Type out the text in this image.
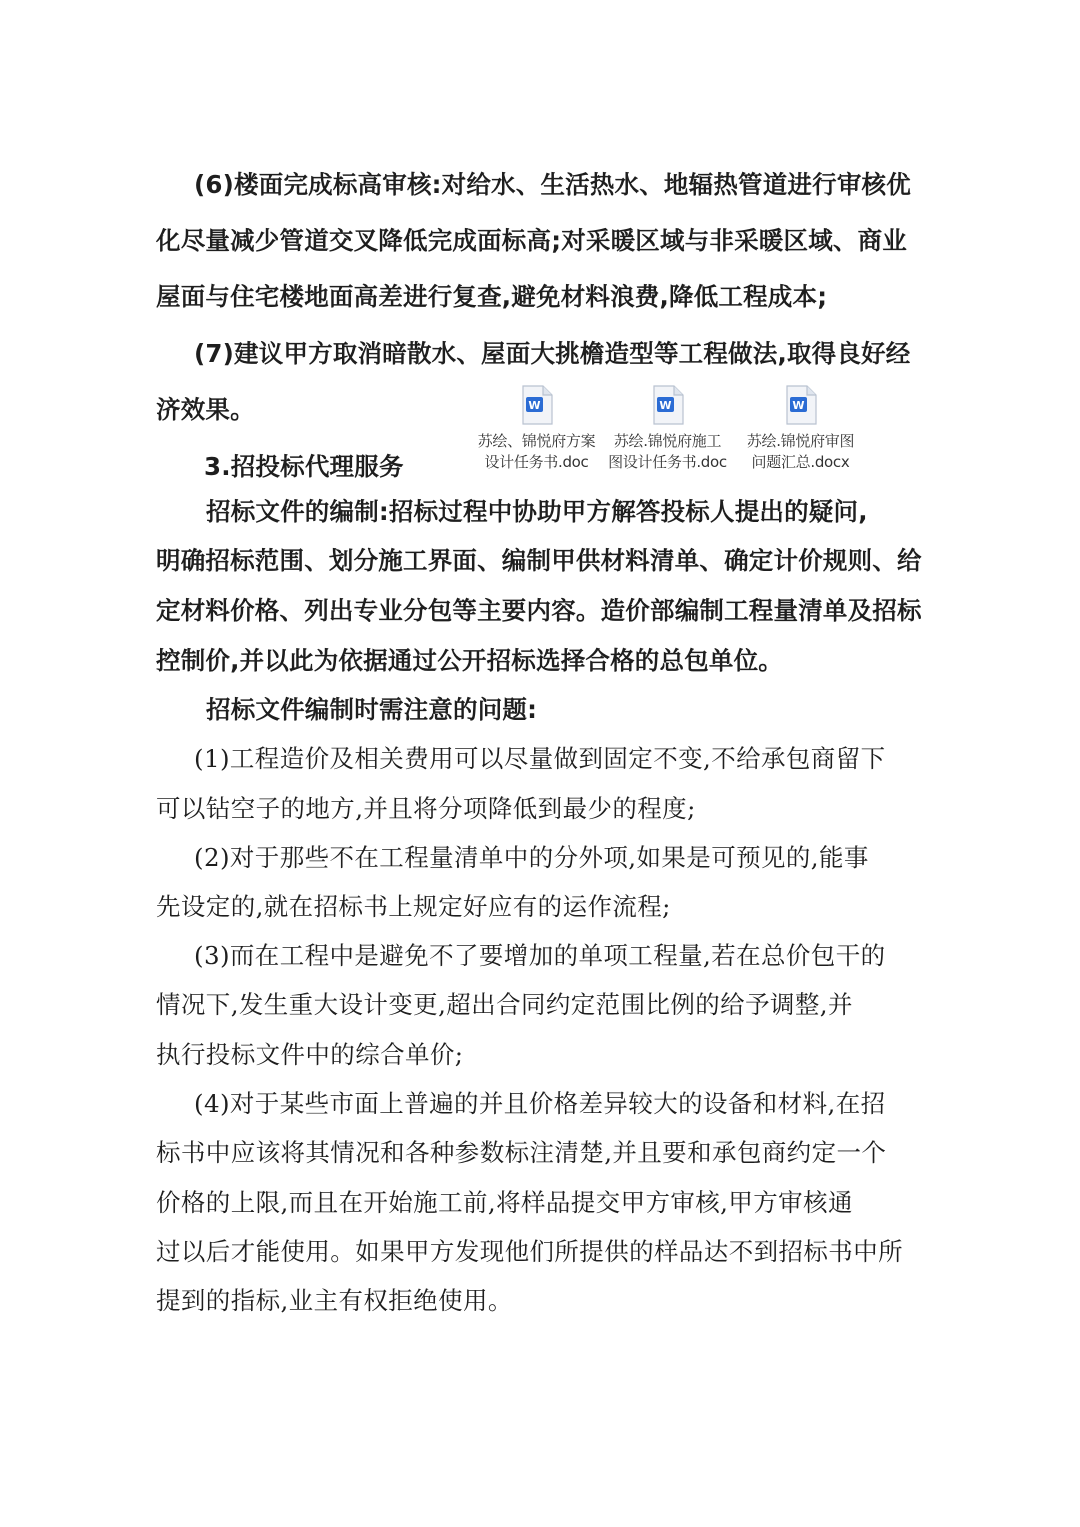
(6)楼面完成标高审核:对给水、生活热水、地辐热管道进行审核优
化尽量减少管道交叉降低完成面标高;对采暖区域与非采暖区域、商业
屋面与住宅楼地面高差进行复查,避免材料浪费,降低工程成本;
(7)建议甲方取消暗散水、屋面大挑檐造型等工程做法,取得良好经
济效果。
3.招投标代理服务
W
苏绘、锦悦府方案
设计任务书.doc
W
苏绘.锦悦府施工
图设计任务书.doc
W
苏绘.锦悦府审图
问题汇总.docx
招标文件的编制:招标过程中协助甲方解答投标人提出的疑问,
明确招标范围、划分施工界面、编制甲供材料清单、确定计价规则、给
定材料价格、列出专业分包等主要内容。造价部编制工程量清单及招标
控制价,并以此为依据通过公开招标选择合格的总包单位。
招标文件编制时需注意的问题:
(1)工程造价及相关费用可以尽量做到固定不变,不给承包商留下
可以钻空子的地方,并且将分项降低到最少的程度;
(2)对于那些不在工程量清单中的分外项,如果是可预见的,能事
先设定的,就在招标书上规定好应有的运作流程;
(3)而在工程中是避免不了要增加的单项工程量,若在总价包干的
情况下,发生重大设计变更,超出合同约定范围比例的给予调整,并
执行投标文件中的综合单价;
(4)对于某些市面上普遍的并且价格差异较大的设备和材料,在招
标书中应该将其情况和各种参数标注清楚,并且要和承包商约定一个
价格的上限,而且在开始施工前,将样品提交甲方审核,甲方审核通
过以后才能使用。如果甲方发现他们所提供的样品达不到招标书中所
提到的指标,业主有权拒绝使用。
